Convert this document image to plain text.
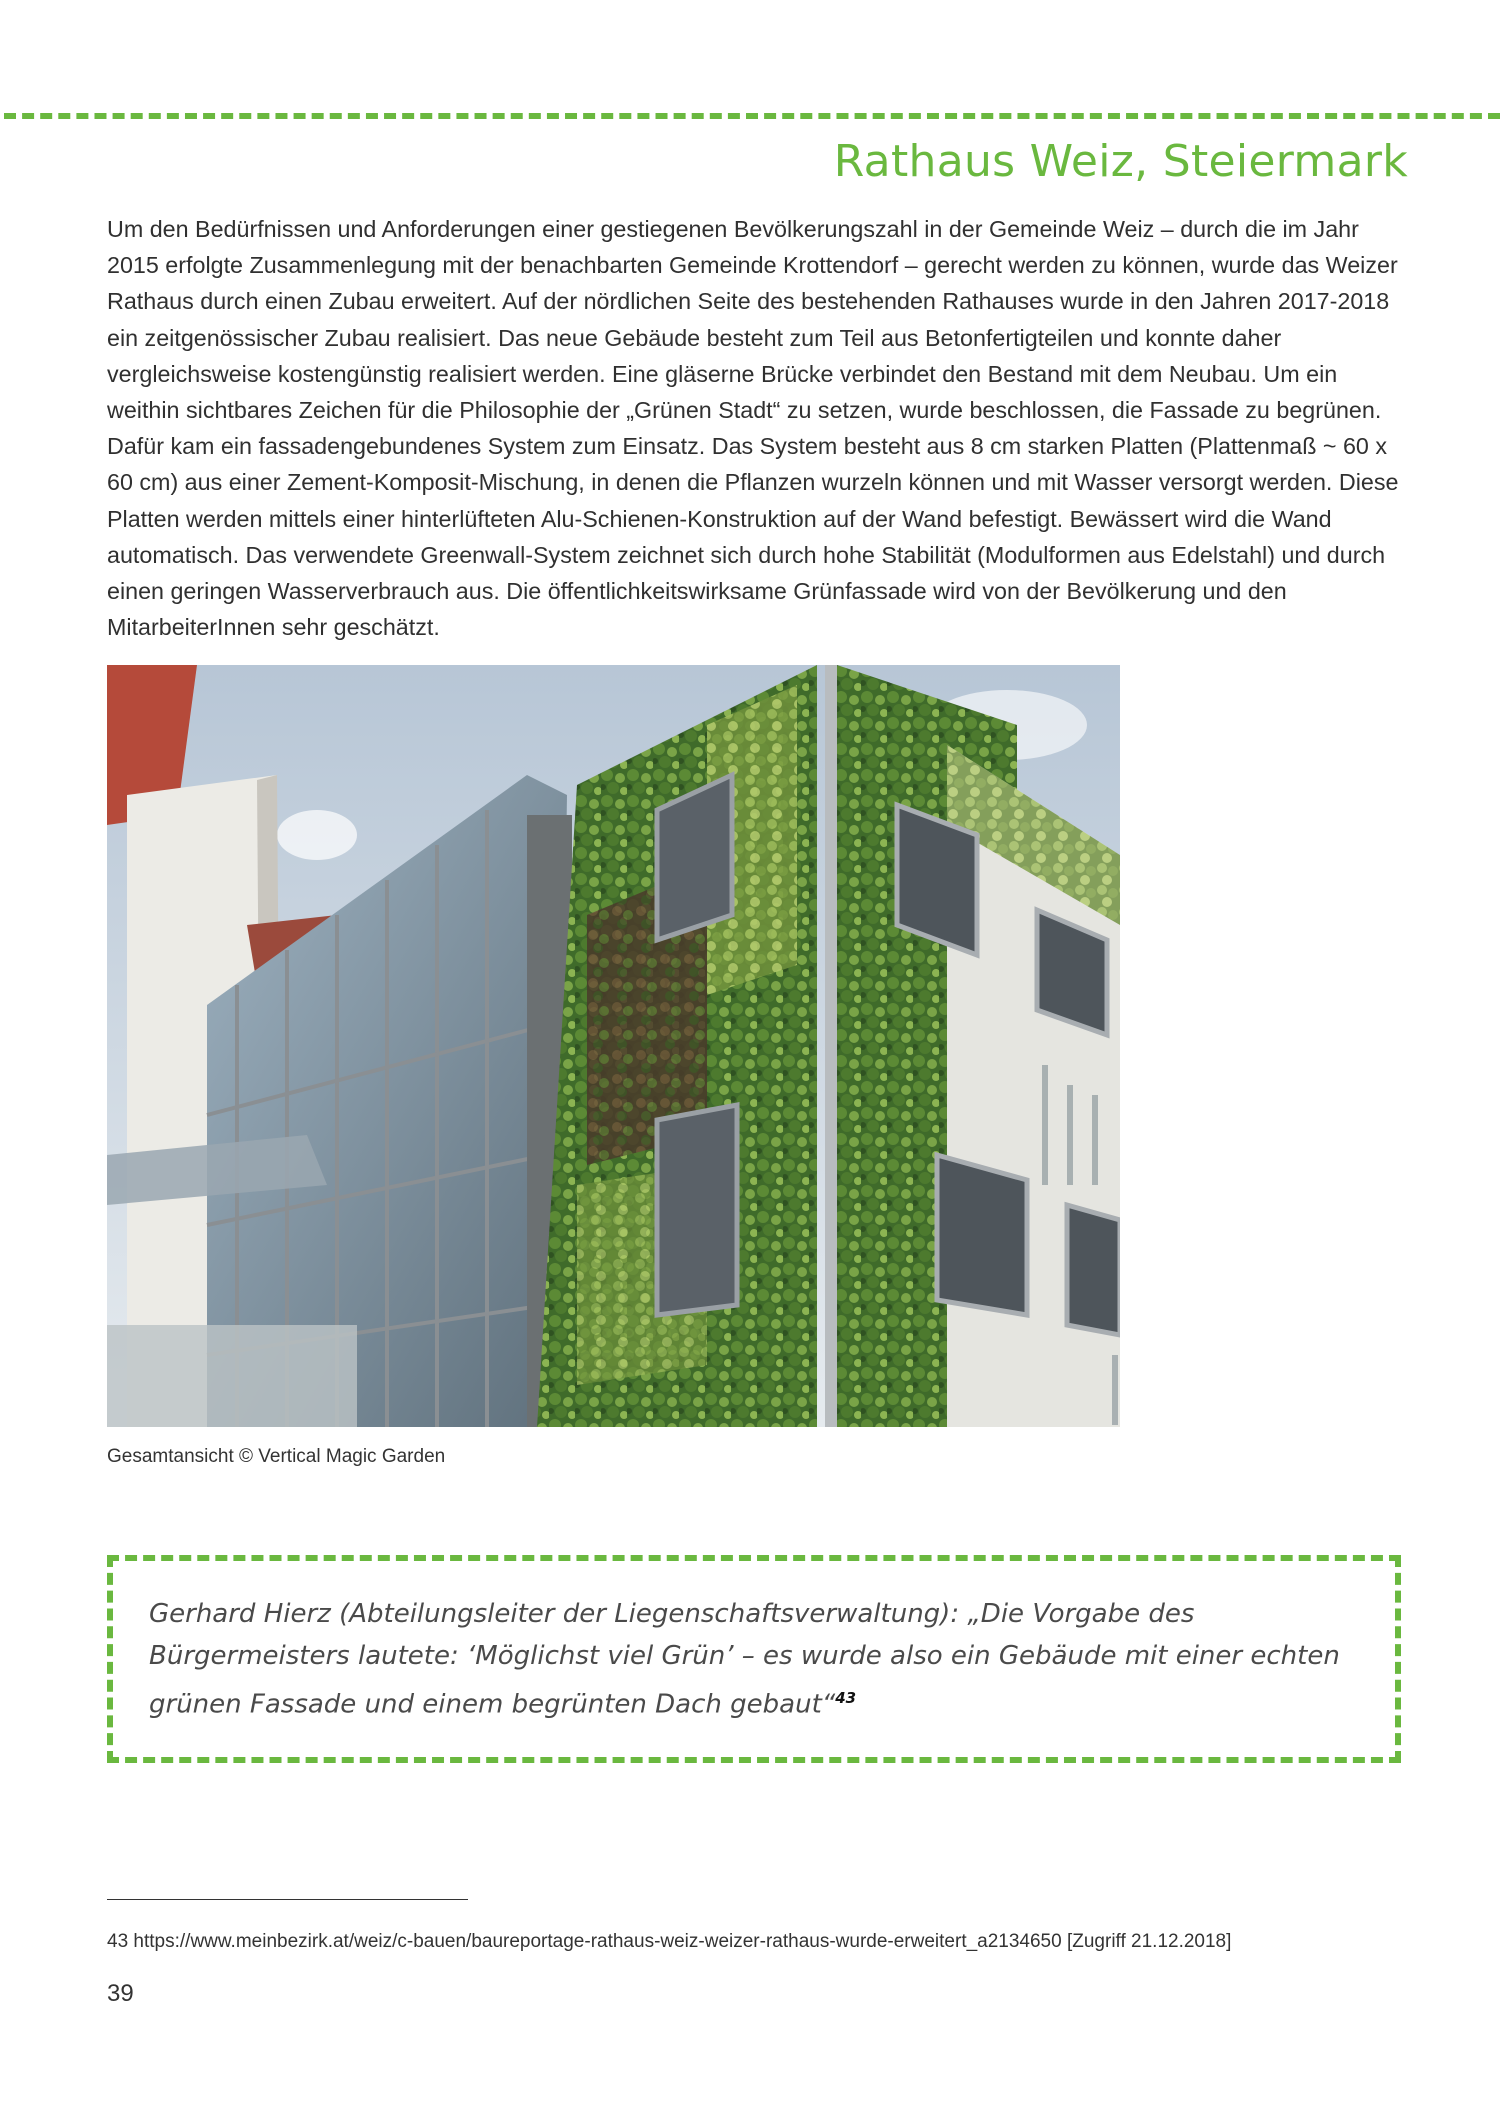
Rathaus Weiz, Steiermark

Um den Bedürfnissen und Anforderungen einer gestiegenen Bevölkerungszahl in der Gemeinde Weiz – durch die im Jahr 2015 erfolgte Zusammenlegung mit der benachbarten Gemeinde Krottendorf – gerecht werden zu können, wurde das Weizer Rathaus durch einen Zubau erweitert. Auf der nördlichen Seite des bestehenden Rathauses wurde in den Jahren 2017-2018 ein zeitgenössischer Zubau realisiert. Das neue Gebäude besteht zum Teil aus Betonfertigteilen und konnte daher vergleichsweise kostengünstig realisiert werden. Eine gläserne Brücke verbindet den Bestand mit dem Neubau. Um ein weithin sichtbares Zeichen für die Philosophie der „Grünen Stadt“ zu setzen, wurde beschlossen, die Fassade zu begrünen. Dafür kam ein fassadengebundenes System zum Einsatz. Das System besteht aus 8 cm starken Platten (Plattenmaß ~ 60 x 60 cm) aus einer Zement-Komposit-Mischung, in denen die Pflanzen wurzeln können und mit Wasser versorgt werden. Diese Platten werden mittels einer hinterlüfteten Alu-Schienen-Konstruktion auf der Wand befestigt. Bewässert wird die Wand automatisch. Das verwendete Greenwall-System zeichnet sich durch hohe Stabilität (Modulformen aus Edelstahl) und durch einen geringen Wasserverbrauch aus. Die öffentlichkeitswirksame Grünfassade wird von der Bevölkerung und den MitarbeiterInnen sehr geschätzt.

Gesamtansicht © Vertical Magic Garden

Gerhard Hierz (Abteilungsleiter der Liegenschaftsverwaltung): „Die Vorgabe des Bürgermeisters lautete: ‘Möglichst viel Grün’ – es wurde also ein Gebäude mit einer echten grünen Fassade und einem begrünten Dach gebaut“$^{43}$

43 https://www.meinbezirk.at/weiz/c-bauen/baureportage-rathaus-weiz-weizer-rathaus-wurde-erweitert_a2134650 [Zugriff 21.12.2018]

39
